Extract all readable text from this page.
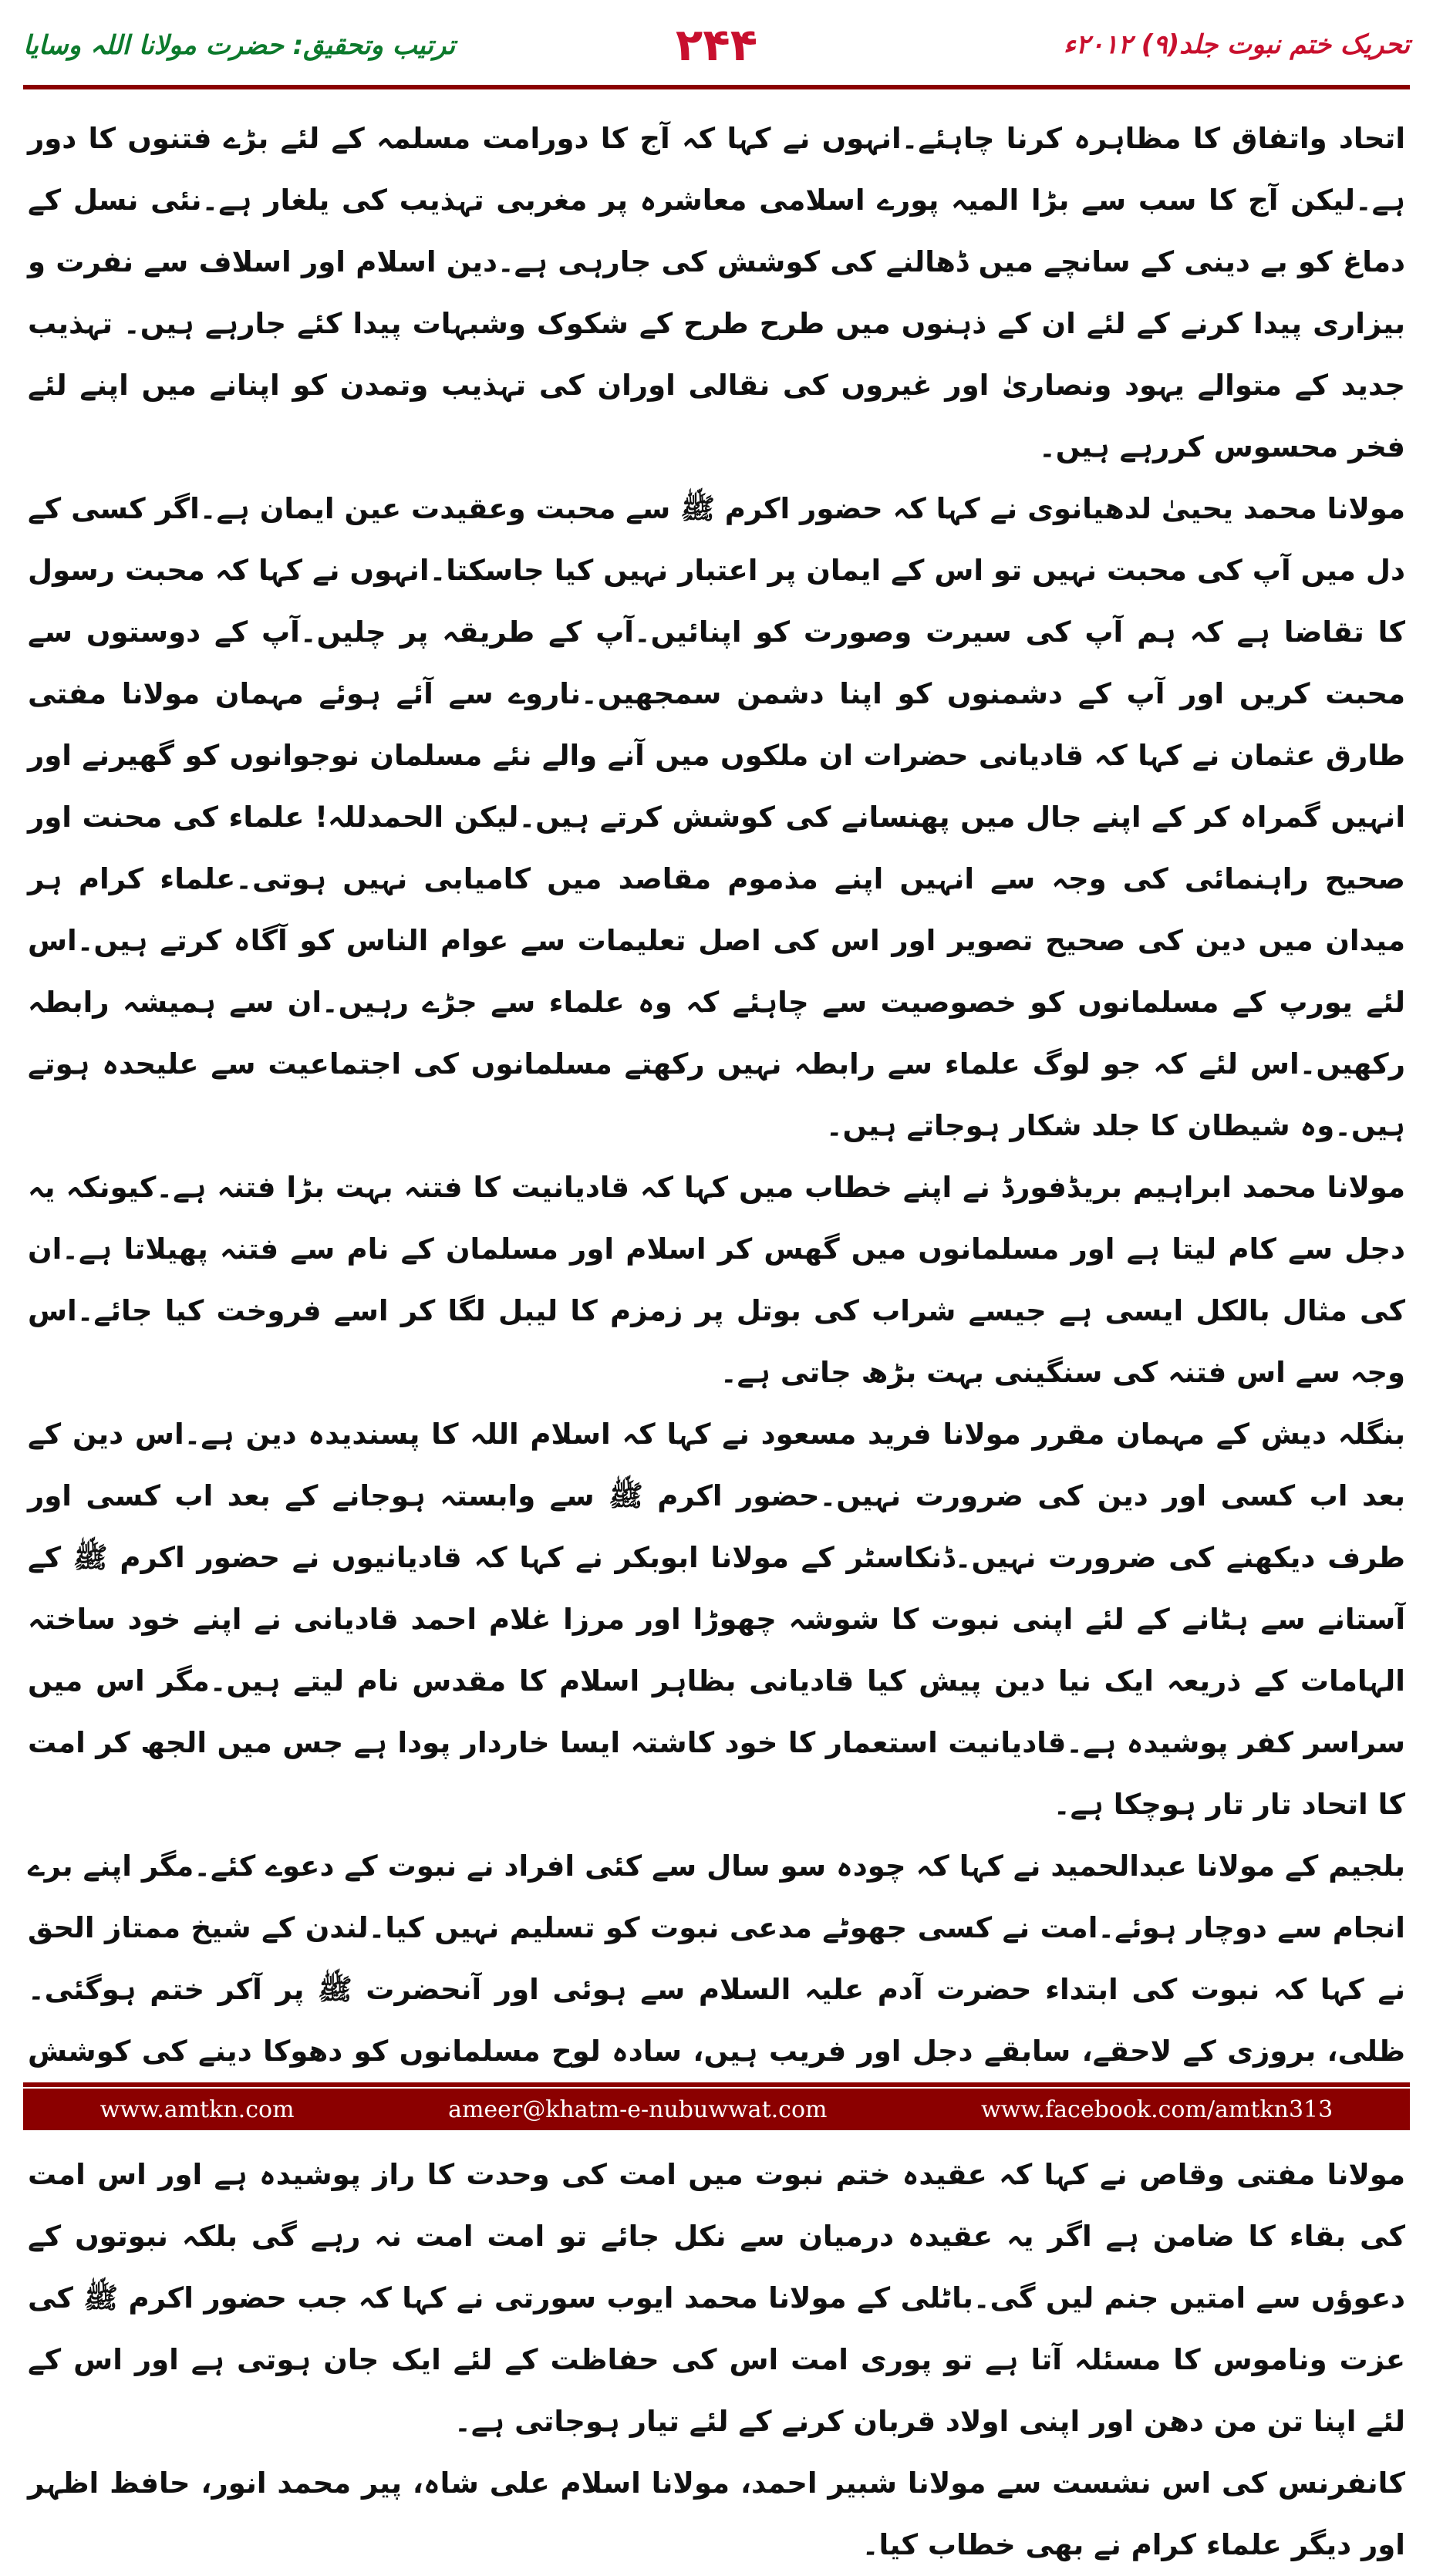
ترتیب وتحقیق: حضرت مولانا اللہ وسایا	۲۴۴	تحریک ختم نبوت جلد(۹) ۲۰۱۲ء

اتحاد واتفاق کا مظاہرہ کرنا چاہئے۔انہوں نے کہا کہ آج کا دورامت مسلمہ کے لئے بڑے فتنوں کا دور ہے۔لیکن آج کا سب سے بڑا المیہ پورے اسلامی معاشرہ پر مغربی تہذیب کی یلغار ہے۔نئی نسل کے دماغ کو بے دینی کے سانچے میں ڈھالنے کی کوشش کی جارہی ہے۔دین اسلام اور اسلاف سے نفرت و بیزاری پیدا کرنے کے لئے ان کے ذہنوں میں طرح طرح کے شکوک وشبہات پیدا کئے جارہے ہیں۔ تہذیب جدید کے متوالے یہود ونصاریٰ اور غیروں کی نقالی اوران کی تہذیب وتمدن کو اپنانے میں اپنے لئے فخر محسوس کررہے ہیں۔

مولانا محمد یحییٰ لدھیانوی نے کہا کہ حضور اکرم ﷺ سے محبت وعقیدت عین ایمان ہے۔اگر کسی کے دل میں آپ کی محبت نہیں تو اس کے ایمان پر اعتبار نہیں کیا جاسکتا۔انہوں نے کہا کہ محبت رسول کا تقاضا ہے کہ ہم آپ کی سیرت وصورت کو اپنائیں۔آپ کے طریقہ پر چلیں۔آپ کے دوستوں سے محبت کریں اور آپ کے دشمنوں کو اپنا دشمن سمجھیں۔ناروے سے آئے ہوئے مہمان مولانا مفتی طارق عثمان نے کہا کہ قادیانی حضرات ان ملکوں میں آنے والے نئے مسلمان نوجوانوں کو گھیرنے اور انہیں گمراہ کر کے اپنے جال میں پھنسانے کی کوشش کرتے ہیں۔لیکن الحمدللہ! علماء کی محنت اور صحیح راہنمائی کی وجہ سے انہیں اپنے مذموم مقاصد میں کامیابی نہیں ہوتی۔علماء کرام ہر میدان میں دین کی صحیح تصویر اور اس کی اصل تعلیمات سے عوام الناس کو آگاہ کرتے ہیں۔اس لئے یورپ کے مسلمانوں کو خصوصیت سے چاہئے کہ وہ علماء سے جڑے رہیں۔ان سے ہمیشہ رابطہ رکھیں۔اس لئے کہ جو لوگ علماء سے رابطہ نہیں رکھتے مسلمانوں کی اجتماعیت سے علیحدہ ہوتے ہیں۔وہ شیطان کا جلد شکار ہوجاتے ہیں۔

مولانا محمد ابراہیم بریڈفورڈ نے اپنے خطاب میں کہا کہ قادیانیت کا فتنہ بہت بڑا فتنہ ہے۔کیونکہ یہ دجل سے کام لیتا ہے اور مسلمانوں میں گھس کر اسلام اور مسلمان کے نام سے فتنہ پھیلاتا ہے۔ان کی مثال بالکل ایسی ہے جیسے شراب کی بوتل پر زمزم کا لیبل لگا کر اسے فروخت کیا جائے۔اس وجہ سے اس فتنہ کی سنگینی بہت بڑھ جاتی ہے۔

بنگلہ دیش کے مہمان مقرر مولانا فرید مسعود نے کہا کہ اسلام اللہ کا پسندیدہ دین ہے۔اس دین کے بعد اب کسی اور دین کی ضرورت نہیں۔حضور اکرم ﷺ سے وابستہ ہوجانے کے بعد اب کسی اور طرف دیکھنے کی ضرورت نہیں۔ڈنکاسٹر کے مولانا ابوبکر نے کہا کہ قادیانیوں نے حضور اکرم ﷺ کے آستانے سے ہٹانے کے لئے اپنی نبوت کا شوشہ چھوڑا اور مرزا غلام احمد قادیانی نے اپنے خود ساختہ الہامات کے ذریعہ ایک نیا دین پیش کیا قادیانی بظاہر اسلام کا مقدس نام لیتے ہیں۔مگر اس میں سراسر کفر پوشیدہ ہے۔قادیانیت استعمار کا خود کاشتہ ایسا خاردار پودا ہے جس میں الجھ کر امت کا اتحاد تار تار ہوچکا ہے۔

بلجیم کے مولانا عبدالحمید نے کہا کہ چودہ سو سال سے کئی افراد نے نبوت کے دعوے کئے۔مگر اپنے برے انجام سے دوچار ہوئے۔امت نے کسی جھوٹے مدعی نبوت کو تسلیم نہیں کیا۔لندن کے شیخ ممتاز الحق نے کہا کہ نبوت کی ابتداء حضرت آدم علیہ السلام سے ہوئی اور آنحضرت ﷺ پر آکر ختم ہوگئی۔ظلی، بروزی کے لاحقے، سابقے دجل اور فریب ہیں، سادہ لوح مسلمانوں کو دھوکا دینے کی کوشش

مولانا مفتی وقاص نے کہا کہ عقیدہ ختم نبوت میں امت کی وحدت کا راز پوشیدہ ہے اور اس امت کی بقاء کا ضامن ہے اگر یہ عقیدہ درمیان سے نکل جائے تو امت امت نہ رہے گی بلکہ نبوتوں کے دعوؤں سے امتیں جنم لیں گی۔باٹلی کے مولانا محمد ایوب سورتی نے کہا کہ جب حضور اکرم ﷺ کی عزت وناموس کا مسئلہ آتا ہے تو پوری امت اس کی حفاظت کے لئے ایک جان ہوتی ہے اور اس کے لئے اپنا تن من دھن اور اپنی اولاد قربان کرنے کے لئے تیار ہوجاتی ہے۔

کانفرنس کی اس نشست سے مولانا شبیر احمد، مولانا اسلام علی شاہ، پیر محمد انور، حافظ اظہر اور دیگر علماء کرام نے بھی خطاب کیا۔

www.amtkn.com	ameer@khatm-e-nubuwwat.com	www.facebook.com/amtkn313
